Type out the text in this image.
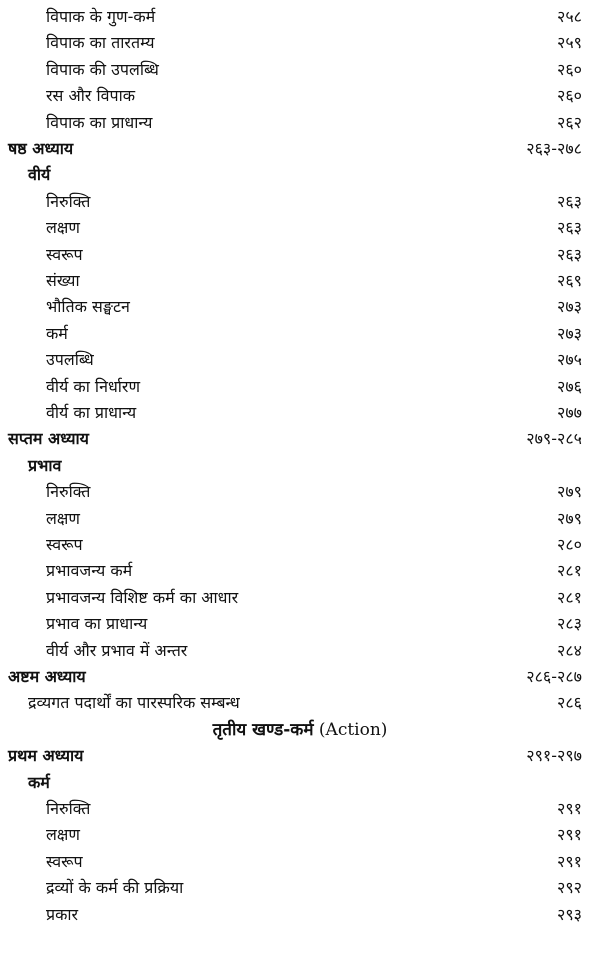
विपाक के गुण-कर्म	२५८
विपाक का तारतम्य	२५९
विपाक की उपलब्धि	२६०
रस और विपाक	२६०
विपाक का प्राधान्य	२६२
षष्ठ अध्याय	२६३-२७८
वीर्य
निरुक्ति	२६३
लक्षण	२६३
स्वरूप	२६३
संख्या	२६९
भौतिक सङ्घटन	२७३
कर्म	२७३
उपलब्धि	२७५
वीर्य का निर्धारण	२७६
वीर्य का प्राधान्य	२७७
सप्तम अध्याय	२७९-२८५
प्रभाव
निरुक्ति	२७९
लक्षण	२७९
स्वरूप	२८०
प्रभावजन्य कर्म	२८१
प्रभावजन्य विशिष्ट कर्म का आधार	२८१
प्रभाव का प्राधान्य	२८३
वीर्य और प्रभाव में अन्तर	२८४
अष्टम अध्याय	२८६-२८७
द्रव्यगत पदार्थों का पारस्परिक सम्बन्ध	२८६
तृतीय खण्ड-कर्म (Action)
प्रथम अध्याय	२९१-२९७
कर्म
निरुक्ति	२९१
लक्षण	२९१
स्वरूप	२९१
द्रव्यों के कर्म की प्रक्रिया	२९२
प्रकार	२९३
